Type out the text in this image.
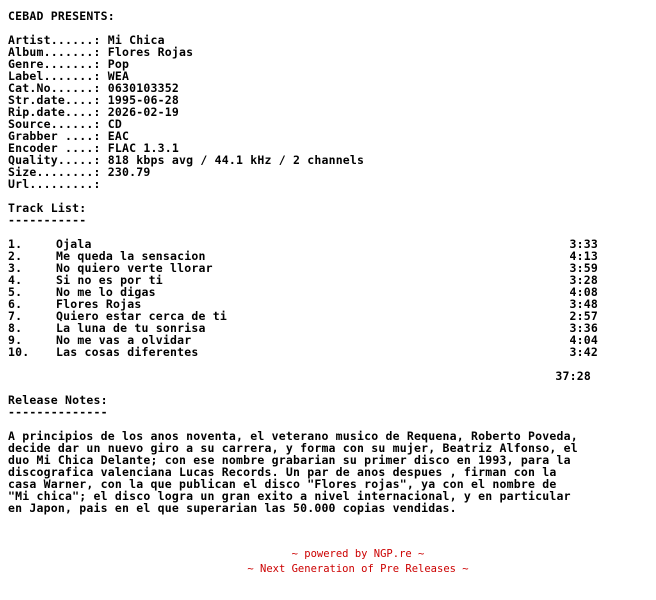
CEBAD PRESENTS:
Artist......: Mi Chica
Album.......: Flores Rojas
Genre.......: Pop
Label.......: WEA
Cat.No......: 0630103352
Str.date....: 1995-06-28
Rip.date....: 2026-02-19
Source......: CD
Grabber ....: EAC
Encoder ....: FLAC 1.3.1
Quality.....: 818 kbps avg / 44.1 kHz / 2 channels
Size........: 230.79
Url.........:
Track List:
-----------
1.	Ojala	3:33
2.	Me queda la sensacion	4:13
3.	No quiero verte llorar	3:59
4.	Si no es por ti	3:28
5.	No me lo digas	4:08
6.	Flores Rojas	3:48
7.	Quiero estar cerca de ti	2:57
8.	La luna de tu sonrisa	3:36
9.	No me vas a olvidar	4:04
10. Las cosas diferentes	3:42
37:28
Release Notes:
--------------
A principios de los anos noventa, el veterano musico de Requena, Roberto Poveda,
decide dar un nuevo giro a su carrera, y forma con su mujer, Beatriz Alfonso, el
duo Mi Chica Delante; con ese nombre grabarian su primer disco en 1993, para la
discografica valenciana Lucas Records. Un par de anos despues , firman con la
casa Warner, con la que publican el disco "Flores rojas", ya con el nombre de
"Mi chica"; el disco logra un gran exito a nivel internacional, y en particular
en Japon, pais en el que superarian las 50.000 copias vendidas.
~ powered by NGP.re ~
~ Next Generation of Pre Releases ~
